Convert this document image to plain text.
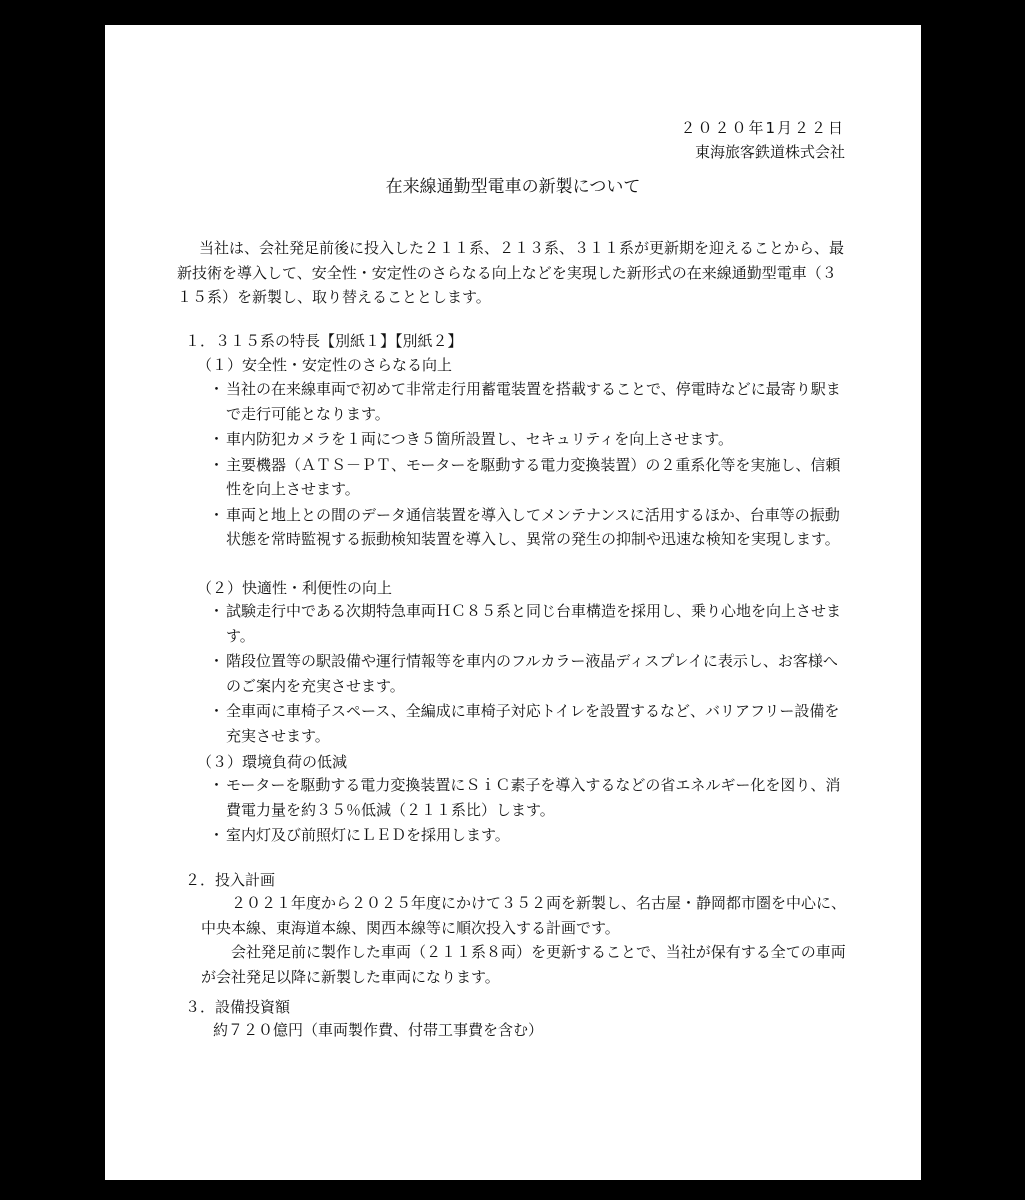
２０２０年1月２２日
東海旅客鉄道株式会社
在来線通勤型電車の新製について

当社は、会社発足前後に投入した２１１系、２１３系、３１１系が更新期を迎えることから、最新技術を導入して、安全性・安定性のさらなる向上などを実現した新形式の在来線通勤型電車（３１５系）を新製し、取り替えることとします。

１．３１５系の特長【別紙１】【別紙２】
（１）安全性・安定性のさらなる向上
・ 当社の在来線車両で初めて非常走行用蓄電装置を搭載することで、停電時などに最寄り駅まで走行可能となります。
・ 車内防犯カメラを１両につき５箇所設置し、セキュリティを向上させます。
・ 主要機器（ＡＴＳ－ＰＴ、モーターを駆動する電力変換装置）の２重系化等を実施し、信頼性を向上させます。
・ 車両と地上との間のデータ通信装置を導入してメンテナンスに活用するほか、台車等の振動状態を常時監視する振動検知装置を導入し、異常の発生の抑制や迅速な検知を実現します。
（２）快適性・利便性の向上
・ 試験走行中である次期特急車両ＨＣ８５系と同じ台車構造を採用し、乗り心地を向上させます。
・ 階段位置等の駅設備や運行情報等を車内のフルカラー液晶ディスプレイに表示し、お客様へのご案内を充実させます。
・ 全車両に車椅子スペース、全編成に車椅子対応トイレを設置するなど、バリアフリー設備を充実させます。
（３）環境負荷の低減
・ モーターを駆動する電力変換装置にＳｉＣ素子を導入するなどの省エネルギー化を図り、消費電力量を約３５％低減（２１１系比）します。
・ 室内灯及び前照灯にＬＥＤを採用します。
２．投入計画

２０２１年度から２０２５年度にかけて３５２両を新製し、名古屋・静岡都市圏を中心に、中央本線、東海道本線、関西本線等に順次投入する計画です。

会社発足前に製作した車両（２１１系８両）を更新することで、当社が保有する全ての車両が会社発足以降に新製した車両になります。

３．設備投資額
約７２０億円（車両製作費、付帯工事費を含む）
